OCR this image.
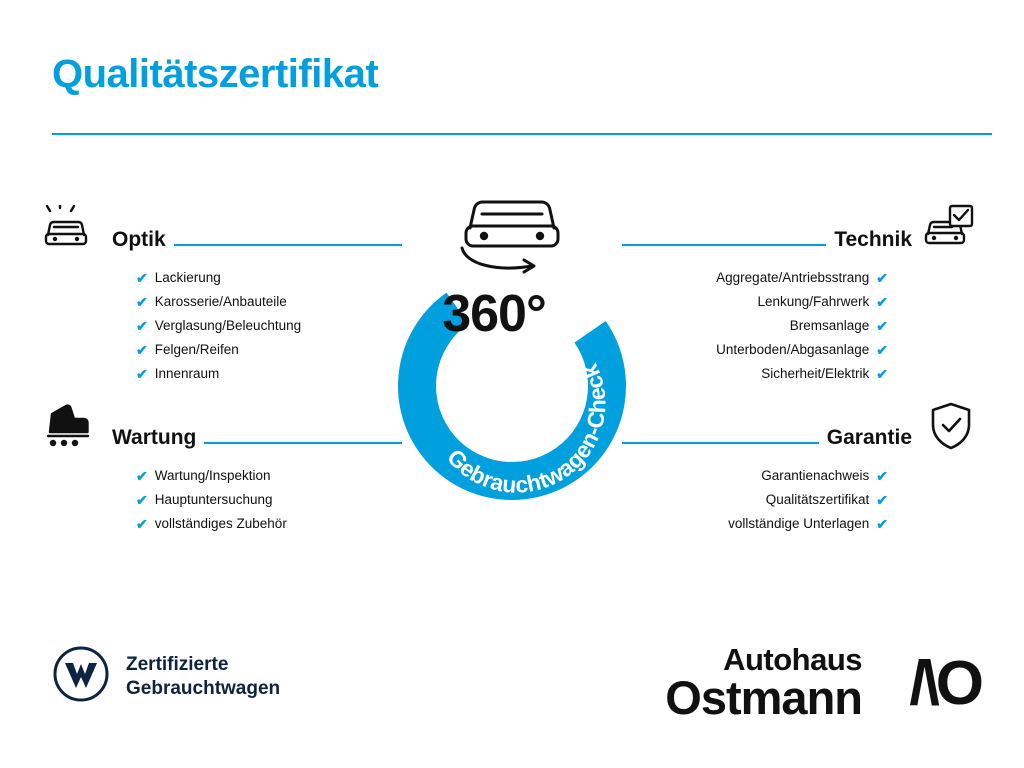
Qualitätszertifikat
Optik
✔ Lackierung
✔ Karosserie/Anbauteile
✔ Verglasung/Beleuchtung
✔ Felgen/Reifen
✔ Innenraum
Wartung
✔ Wartung/Inspektion
✔ Hauptuntersuchung
✔ vollständiges Zubehör
Technik
Aggregate/Antriebsstrang ✔
Lenkung/Fahrwerk ✔
Bremsanlage ✔
Unterboden/Abgasanlage ✔
Sicherheit/Elektrik ✔
Garantie
Garantienachweis ✔
Qualitätszertifikat ✔
vollständige Unterlagen ✔
Gebrauchtwagen-Check
360°
Zertifizierte
Gebrauchtwagen
Autohaus
Ostmann /\O
